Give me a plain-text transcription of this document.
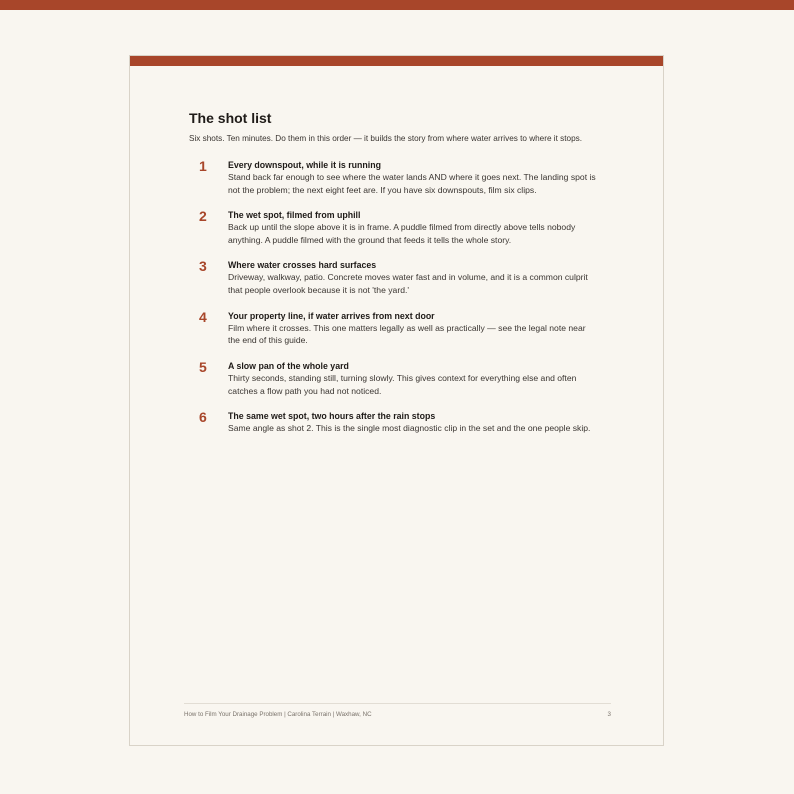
The shot list

Six shots. Ten minutes. Do them in this order — it builds the story from where water arrives to where it stops.

1 Every downspout, while it is running
Stand back far enough to see where the water lands AND where it goes next. The landing spot is not the problem; the next eight feet are. If you have six downspouts, film six clips.
2 The wet spot, filmed from uphill
Back up until the slope above it is in frame. A puddle filmed from directly above tells nobody anything. A puddle filmed with the ground that feeds it tells the whole story.
3 Where water crosses hard surfaces
Driveway, walkway, patio. Concrete moves water fast and in volume, and it is a common culprit that people overlook because it is not 'the yard.'
4 Your property line, if water arrives from next door
Film where it crosses. This one matters legally as well as practically — see the legal note near the end of this guide.
5 A slow pan of the whole yard
Thirty seconds, standing still, turning slowly. This gives context for everything else and often catches a flow path you had not noticed.
6 The same wet spot, two hours after the rain stops
Same angle as shot 2. This is the single most diagnostic clip in the set and the one people skip.
How to Film Your Drainage Problem | Carolina Terrain | Waxhaw, NC	3
